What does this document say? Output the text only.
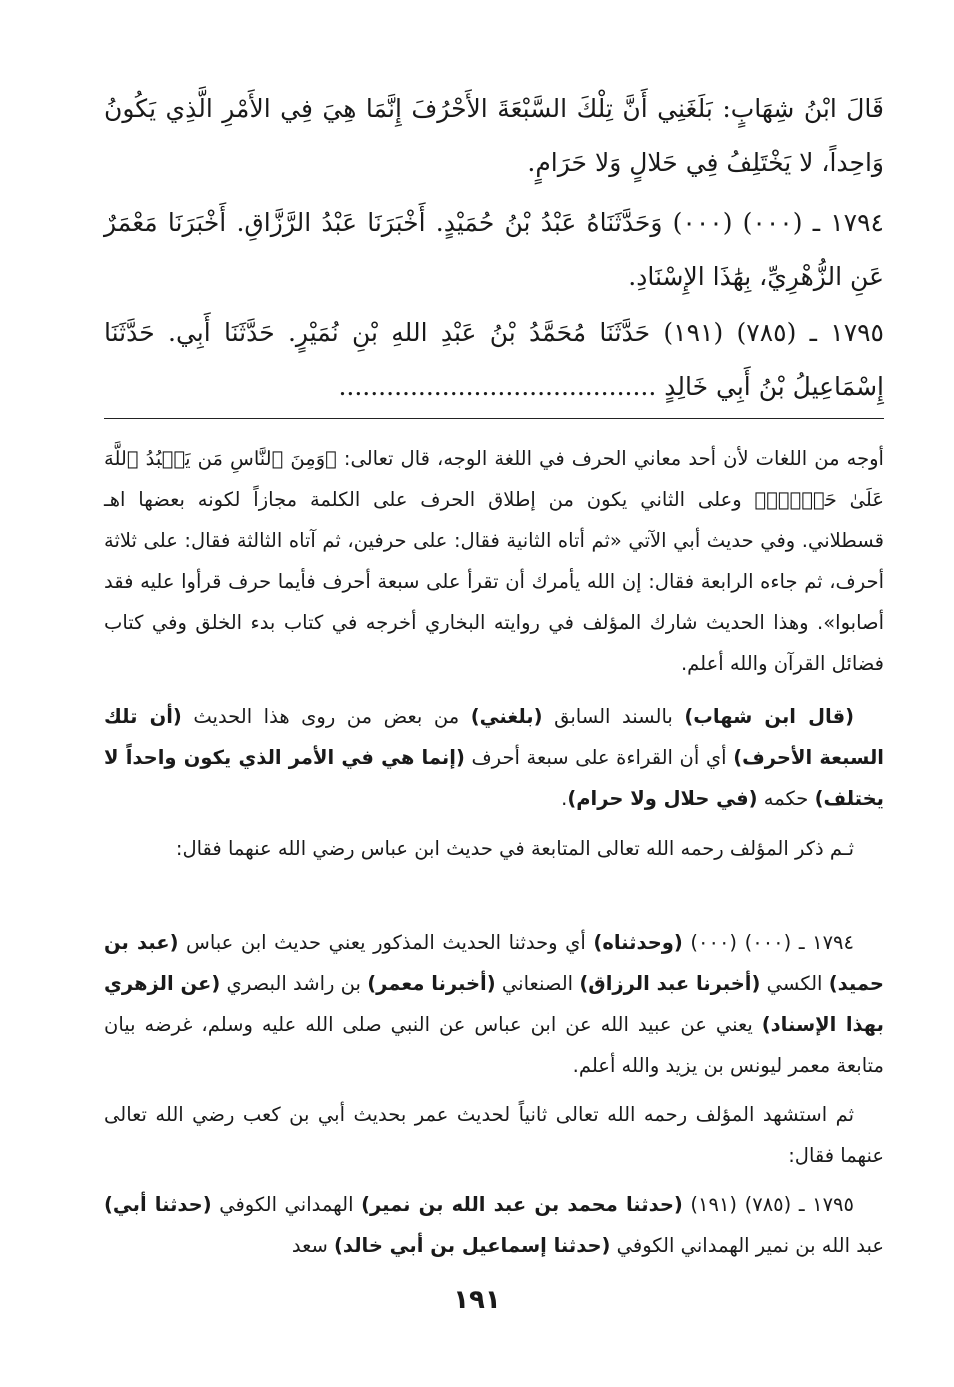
قَالَ ابْنُ شِهَابٍ: بَلَغَنِي أَنَّ تِلْكَ السَّبْعَةَ الأَحْرُفَ إِنَّمَا هِيَ فِي الأَمْرِ الَّذِي يَكُونُ وَاحِداً، لا يَخْتَلِفُ فِي حَلالٍ وَلا حَرَامٍ.
١٧٩٤ ـ (٠٠٠) (٠٠٠) وَحَدَّثَنَاهُ عَبْدُ بْنُ حُمَيْدٍ. أَخْبَرَنَا عَبْدُ الرَّزَّاقِ. أَخْبَرَنَا مَعْمَرٌ عَنِ الزُّهْرِيِّ، بِهَٰذَا الإِسْنَادِ.
١٧٩٥ ـ (٧٨٥) (١٩١) حَدَّثَنَا مُحَمَّدُ بْنُ عَبْدِ اللهِ بْنِ نُمَيْرٍ. حَدَّثَنَا أَبِي. حَدَّثَنَا إِسْمَاعِيلُ بْنُ أَبِي خَالِدٍ ........................................
أوجه من اللغات لأن أحد معاني الحرف في اللغة الوجه، قال تعالى: ﴿وَمِنَ ٱلنَّاسِ مَن يَعۡبُدُ ٱللَّهَ عَلَىٰ حَرۡفٖۖ﴾ وعلى الثاني يكون من إطلاق الحرف على الكلمة مجازاً لكونه بعضها اهـ قسطلاني. وفي حديث أبي الآتي «ثم أتاه الثانية فقال: على حرفين، ثم آتاه الثالثة فقال: على ثلاثة أحرف، ثم جاءه الرابعة فقال: إن الله يأمرك أن تقرأ على سبعة أحرف فأيما حرف قرأوا عليه فقد أصابوا». وهذا الحديث شارك المؤلف في روايته البخاري أخرجه في كتاب بدء الخلق وفي كتاب فضائل القرآن والله أعلم.
(قال ابن شهاب) بالسند السابق (بلغني) من بعض من روى هذا الحديث (أن تلك السبعة الأحرف) أي أن القراءة على سبعة أحرف (إنما هي في الأمر الذي يكون واحداً لا يختلف) حكمه (في حلال ولا حرام).
ثـم ذكر المؤلف رحمه الله تعالى المتابعة في حديث ابن عباس رضي الله عنهما فقال:
١٧٩٤ ـ (٠٠٠) (٠٠٠) (وحدثناه) أي وحدثنا الحديث المذكور يعني حديث ابن عباس (عبد بن حميد) الكسي (أخبرنا عبد الرزاق) الصنعاني (أخبرنا معمر) بن راشد البصري (عن الزهري بهذا الإسناد) يعني عن عبيد الله عن ابن عباس عن النبي صلى الله عليه وسلم، غرضه بيان متابعة معمر ليونس بن يزيد والله أعلم.
ثم استشهد المؤلف رحمه الله تعالى ثانياً لحديث عمر بحديث أبي بن كعب رضي الله تعالى عنهما فقال:
١٧٩٥ ـ (٧٨٥) (١٩١) (حدثنا محمد بن عبد الله بن نمير) الهمداني الكوفي (حدثنا أبي) عبد الله بن نمير الهمداني الكوفي (حدثنا إسماعيل بن أبي خالد) سعد
١٩١
